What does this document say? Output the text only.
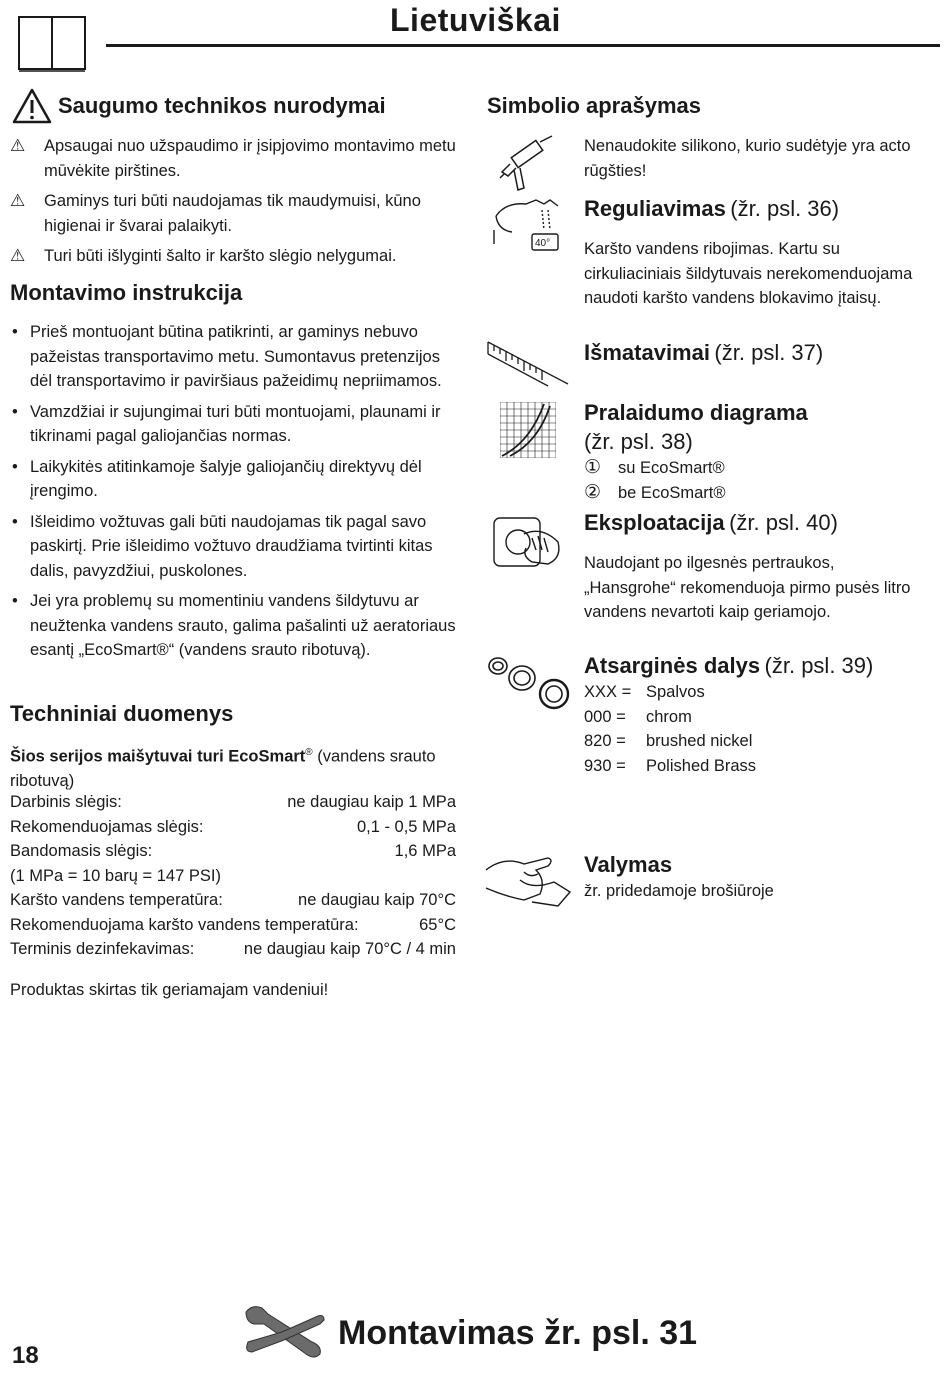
Lietuviškai
Saugumo technikos nurodymai
⚠	Apsaugai nuo užspaudimo ir įsipjovimo montavimo metu mūvėkite pirštines.
⚠	Gaminys turi būti naudojamas tik maudymuisi, kūno higienai ir švarai palaikyti.
⚠	Turi būti išlyginti šalto ir karšto slėgio nelygumai.
Montavimo instrukcija
• Prieš montuojant būtina patikrinti, ar gaminys nebuvo pažeistas transportavimo metu. Sumontavus pretenzijos dėl transportavimo ir paviršiaus pažeidimų nepriimamos.
• Vamzdžiai ir sujungimai turi būti montuojami, plaunami ir tikrinami pagal galiojančias normas.
• Laikykitės atitinkamoje šalyje galiojančių direktyvų dėl įrengimo.
• Išleidimo vožtuvas gali būti naudojamas tik pagal savo paskirtį. Prie išleidimo vožtuvo draudžiama tvirtinti kitas dalis, pavyzdžiui, puskolones.
• Jei yra problemų su momentiniu vandens šildytuvu ar neužtenka vandens srauto, galima pašalinti už aeratoriaus esantį „EcoSmart®“ (vandens srauto ribotuvą).
Techniniai duomenys
Šios serijos maišytuvai turi EcoSmart® (vandens srauto ribotuvą)
Darbinis slėgis:	ne daugiau kaip 1 MPa
Rekomenduojamas slėgis:	0,1 - 0,5 MPa
Bandomasis slėgis:	1,6 MPa
(1 MPa = 10 barų = 147 PSI)
Karšto vandens temperatūra:	ne daugiau kaip 70°C
Rekomenduojama karšto vandens temperatūra:	65°C
Terminis dezinfekavimas:	ne daugiau kaip 70°C / 4 min
Produktas skirtas tik geriamajam vandeniui!
Simbolio aprašymas
Nenaudokite silikono, kurio sudėtyje yra acto rūgšties!
40°
Reguliavimas (žr. psl. 36)
Karšto vandens ribojimas. Kartu su cirkuliaciniais šildytuvais nerekomenduojama naudoti karšto vandens blokavimo įtaisų.
Išmatavimai (žr. psl. 37)
Pralaidumo diagrama
(žr. psl. 38)
① su EcoSmart®
② be EcoSmart®
Eksploatacija (žr. psl. 40)
Naudojant po ilgesnės pertraukos, „Hansgrohe“ rekomenduoja pirmo pusės litro vandens nevartoti kaip geriamojo.
Atsarginės dalys (žr. psl. 39)
XXX = Spalvos
000 =	chrom
820 =	brushed nickel
930 =	Polished Brass
Valymas
žr. pridedamoje brošiūroje
18
Montavimas žr. psl. 31
